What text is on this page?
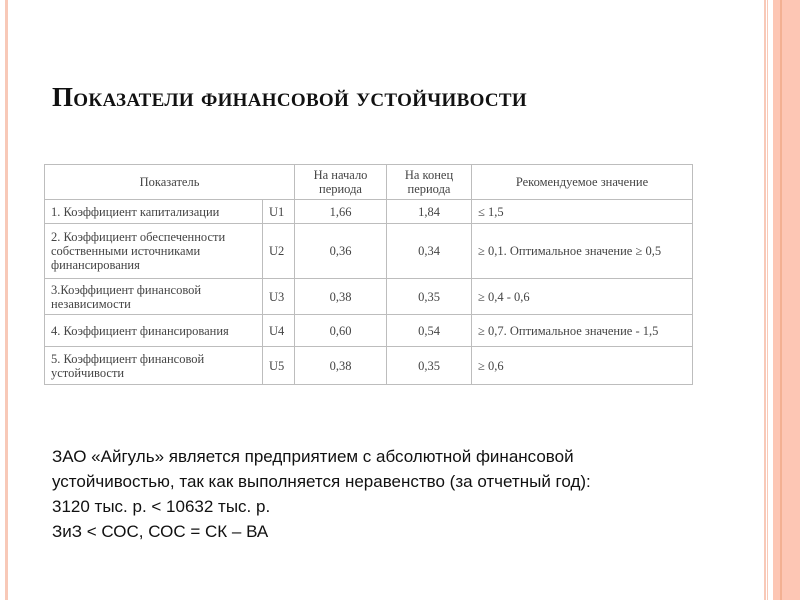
Показатели финансовой устойчивости
Показатель		На начало периода	На конец периода	Рекомендуемое значение
1. Коэффициент капитализации	U1	1,66	1,84	≤ 1,5
2. Коэффициент обеспеченности собственными источниками финансирования	U2	0,36	0,34	≥ 0,1. Оптимальное значение ≥ 0,5
3.Коэффициент финансовой независимости	U3	0,38	0,35	≥ 0,4 - 0,6
4. Коэффициент финансирования	U4	0,60	0,54	≥ 0,7. Оптимальное значение - 1,5
5. Коэффициент финансовой устойчивости	U5	0,38	0,35	≥ 0,6
ЗАО «Айгуль» является предприятием с абсолютной финансовой
устойчивостью, так как выполняется неравенство (за отчетный год):
3120 тыс. р. < 10632 тыс. р.
ЗиЗ < СОС, СОС = СК – ВА
